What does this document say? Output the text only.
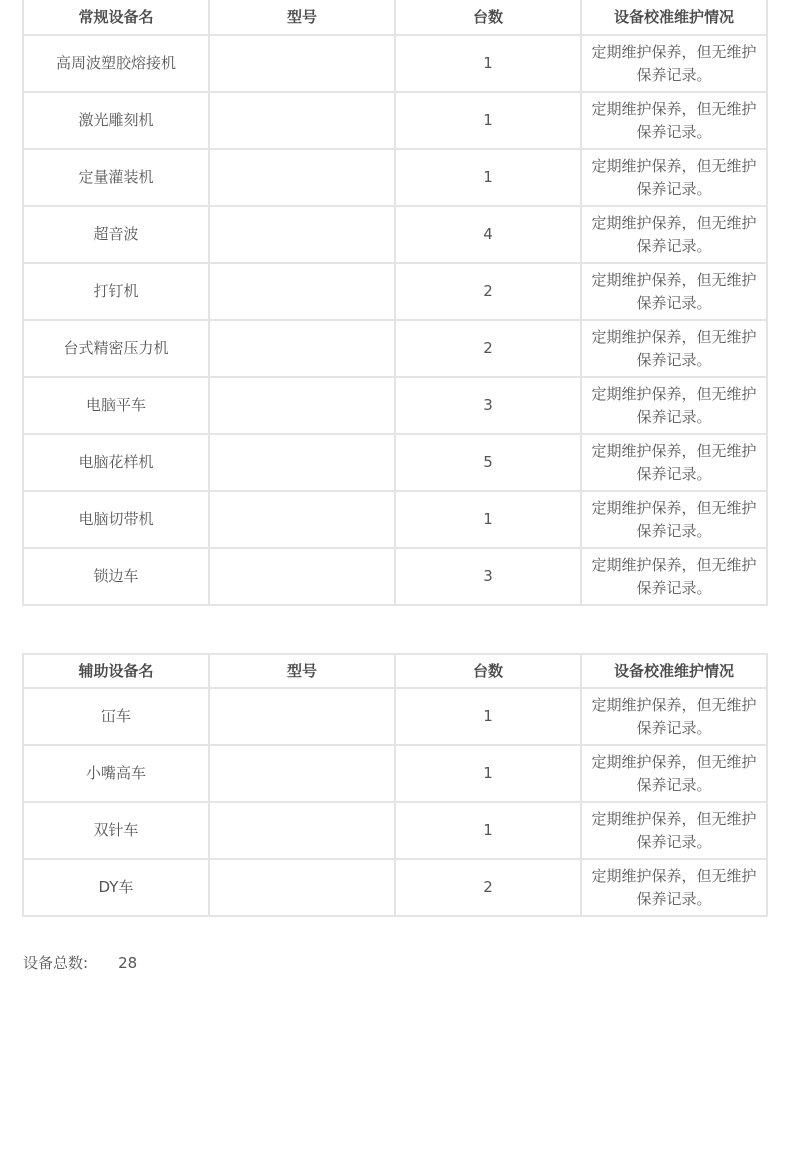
常规设备名	型号	台数	设备校准维护情况
高周波塑胶熔接机		1	定期维护保养，但无维护保养记录。
激光雕刻机		1	定期维护保养，但无维护保养记录。
定量灌装机		1	定期维护保养，但无维护保养记录。
超音波		4	定期维护保养，但无维护保养记录。
打钉机		2	定期维护保养，但无维护保养记录。
台式精密压力机		2	定期维护保养，但无维护保养记录。
电脑平车		3	定期维护保养，但无维护保养记录。
电脑花样机		5	定期维护保养，但无维护保养记录。
电脑切带机		1	定期维护保养，但无维护保养记录。
锁边车		3	定期维护保养，但无维护保养记录。
辅助设备名	型号	台数	设备校准维护情况
冚车		1	定期维护保养，但无维护保养记录。
小嘴高车		1	定期维护保养，但无维护保养记录。
双针车		1	定期维护保养，但无维护保养记录。
DY车		2	定期维护保养，但无维护保养记录。
设备总数: 28
